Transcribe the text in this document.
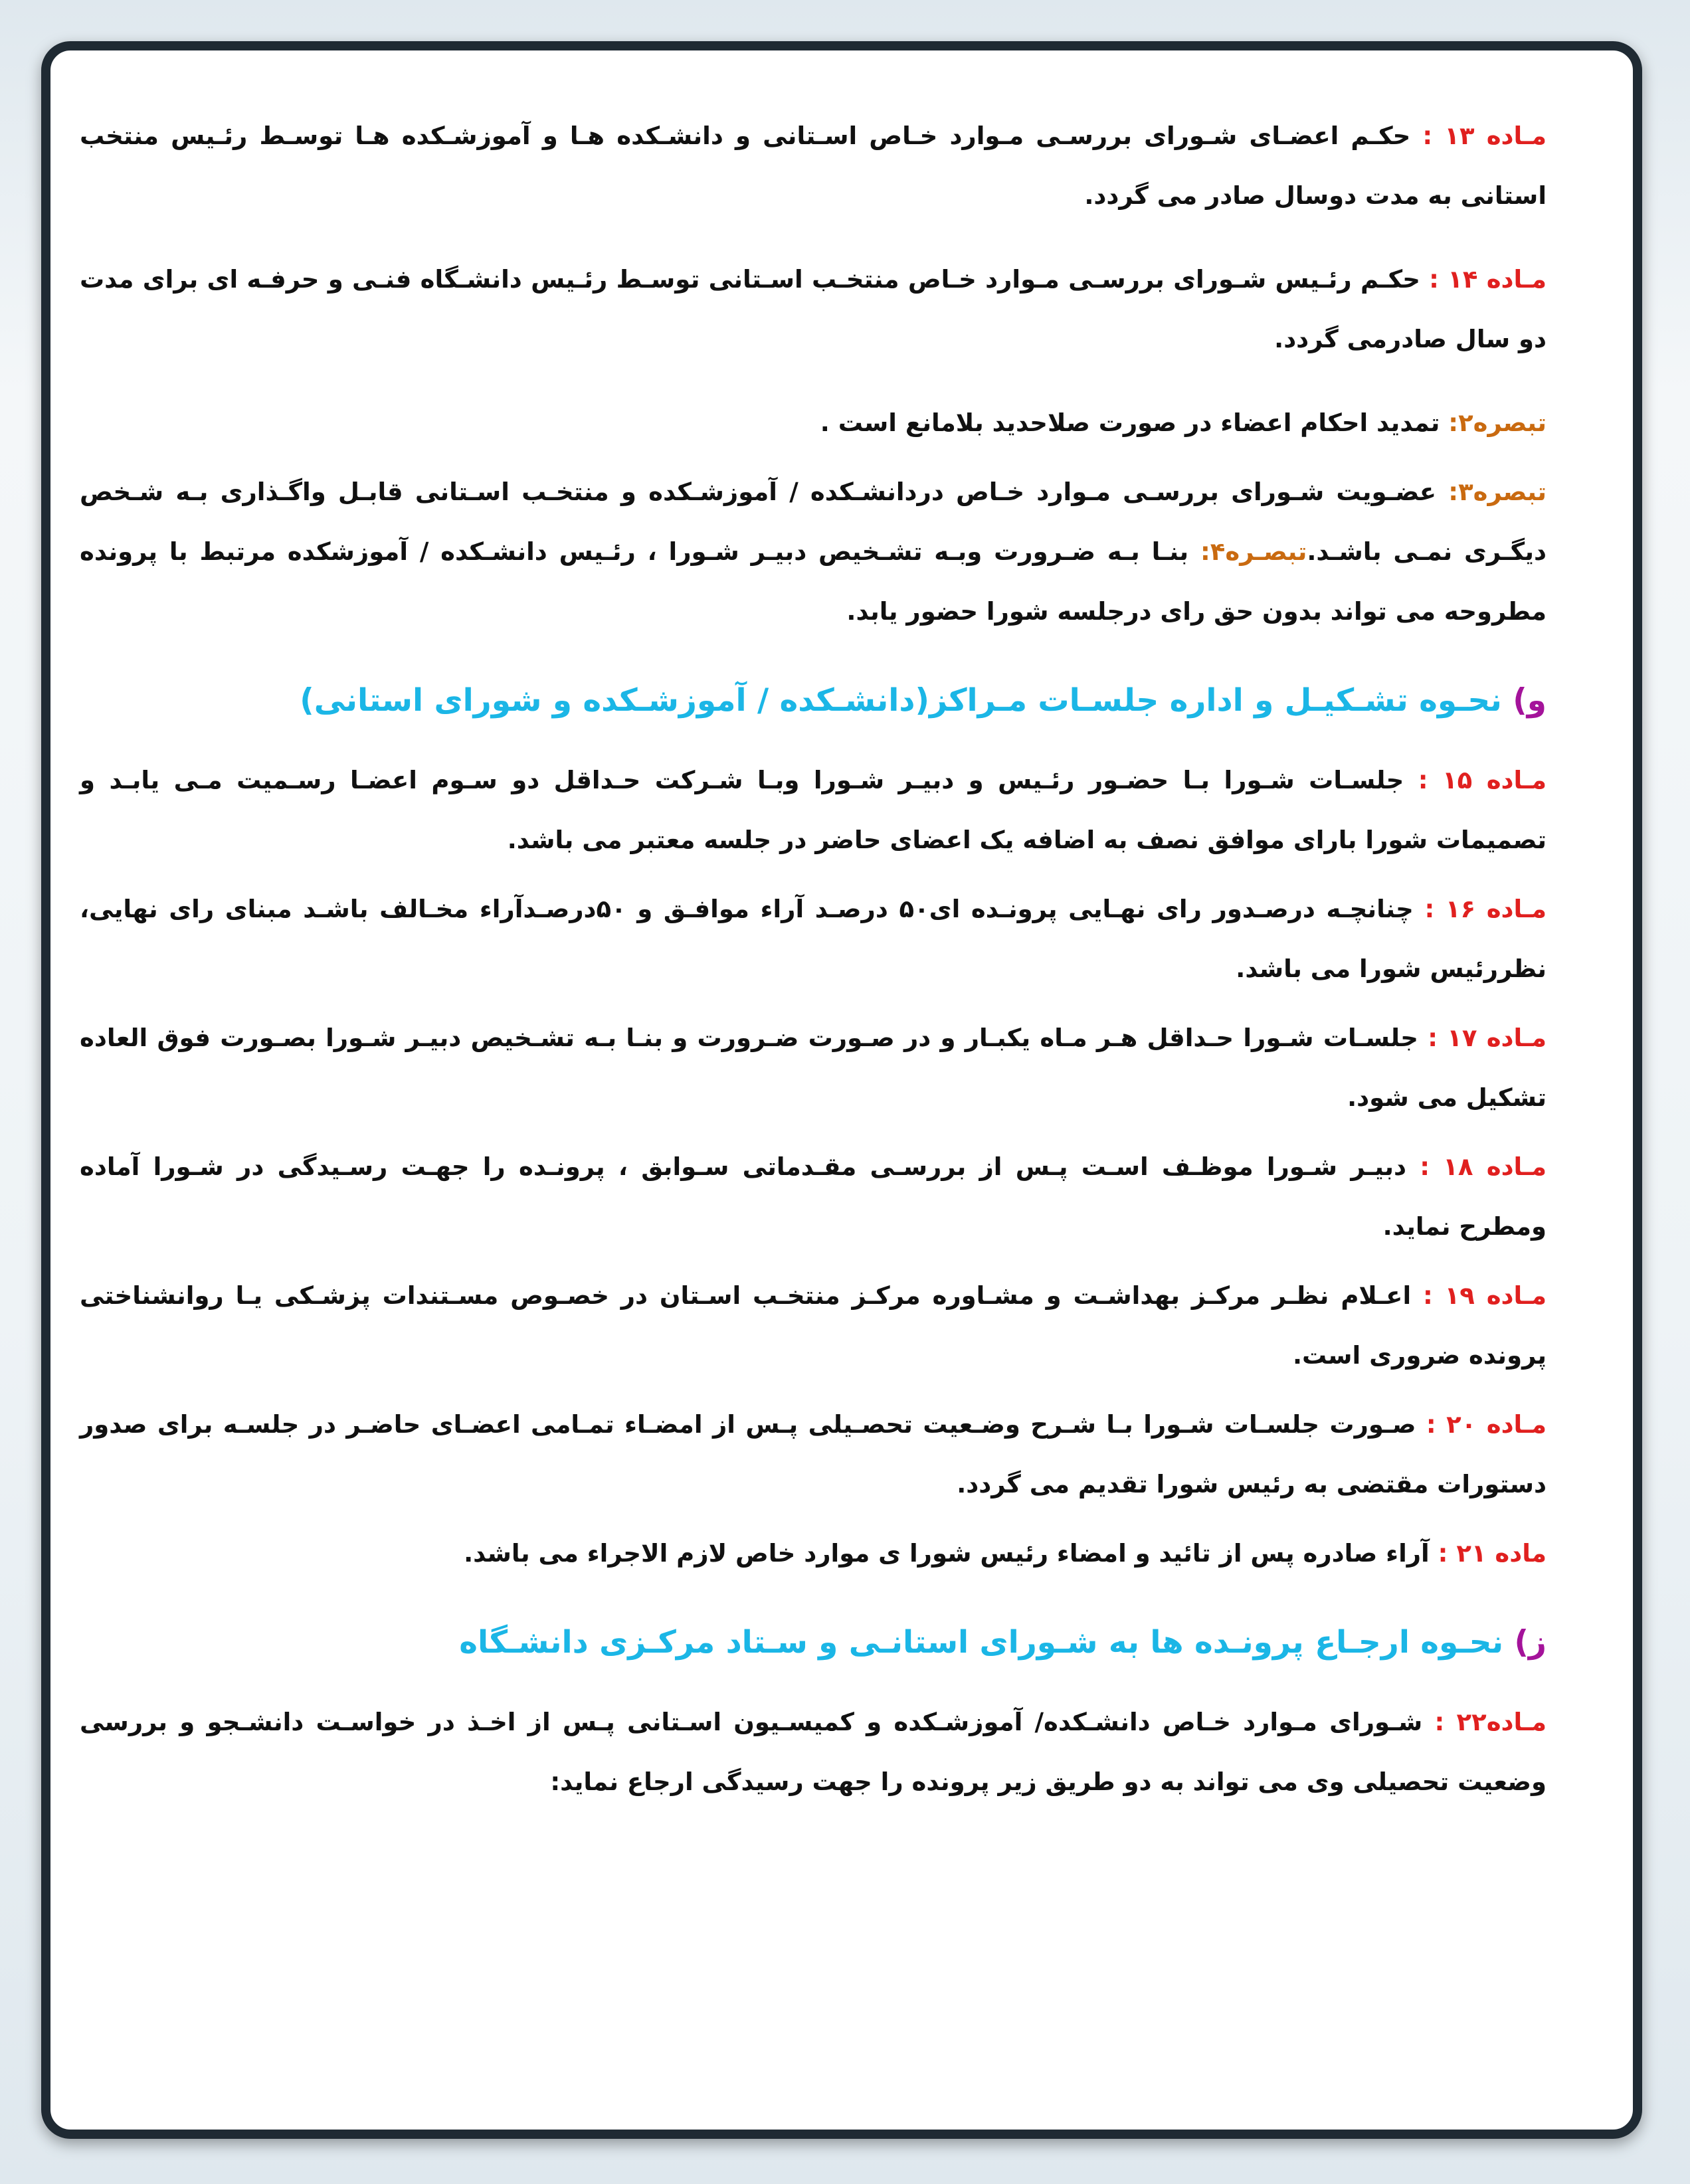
مـاده ۱۳ : حکـم اعضـای شـورای بررسـی مـوارد خـاص اسـتانی و دانشـکده هـا و آموزشـکده هـا توسـط رئـیس منتخب استانی به مدت دوسال صادر می گردد.

مـاده ۱۴ : حکـم رئـیس شـورای بررسـی مـوارد خـاص منتخـب اسـتانی توسـط رئـیس دانشـگاه فنـی و حرفـه ای برای مدت دو سال صادرمی گردد.

تبصره۲: تمدید احکام اعضاء در صورت صلاحدید بلامانع است .

تبصره۳: عضـویت شـورای بررسـی مـوارد خـاص دردانشـکده / آموزشـکده و منتخـب اسـتانی قابـل واگـذاری بـه شـخص دیگـری نمـی باشـد.تبصـره۴: بنـا بـه ضـرورت وبـه تشـخیص دبیـر شـورا ، رئـیس دانشـکده / آموزشکده مرتبط با پرونده مطروحه می تواند بدون حق رای درجلسه شورا حضور یابد.

و) نحـوه تشـکیـل و اداره جلسـات مـراکز(دانشـکده / آموزشـکده و شورای استانی)

مـاده ۱۵ : جلسـات شـورا بـا حضـور رئـیس و دبیـر شـورا وبـا شـرکت حـداقل دو سـوم اعضـا رسـمیت مـی یابـد و تصمیمات شورا بارای موافق نصف به اضافه یک اعضای حاضر در جلسه معتبر می باشد.

مـاده ۱۶ : چنانچـه درصـدور رای نهـایی پرونـده ای۵۰ درصـد آراء موافـق و ۵۰درصـدآراء مخـالف باشـد مبنای رای نهایی، نظررئیس شورا می باشد.

مـاده ۱۷ : جلسـات شـورا حـداقل هـر مـاه یکبـار و در صـورت ضـرورت و بنـا بـه تشـخیص دبیـر شـورا بصـورت فوق العاده تشکیل می شود.

مـاده ۱۸ : دبیـر شـورا موظـف اسـت پـس از بررسـی مقـدماتی سـوابق ، پرونـده را جهـت رسـیدگی در شـورا آماده ومطرح نماید.

مـاده ۱۹ : اعـلام نظـر مرکـز بهداشـت و مشـاوره مرکـز منتخـب اسـتان در خصـوص مسـتندات پزشـکی یـا روانشناختی پرونده ضروری است.

مـاده ۲۰ : صـورت جلسـات شـورا بـا شـرح وضـعیت تحصـیلی پـس از امضـاء تمـامی اعضـای حاضـر در جلسـه برای صدور دستورات مقتضی به رئیس شورا تقدیم می گردد.

ماده ۲۱ : آراء صادره پس از تائید و امضاء رئیس شورا ی موارد خاص لازم الاجراء می باشد.

ز) نحـوه ارجـاع پرونـده ها به شـورای استانـی و سـتاد مرکـزی دانشـگاه

مـاده۲۲ : شـورای مـوارد خـاص دانشـکده/ آموزشـکده و کمیسـیون اسـتانی پـس از اخـذ در خواسـت دانشـجو و بررسی وضعیت تحصیلی وی می تواند به دو طریق زیر پرونده را جهت رسیدگی ارجاع نماید:
